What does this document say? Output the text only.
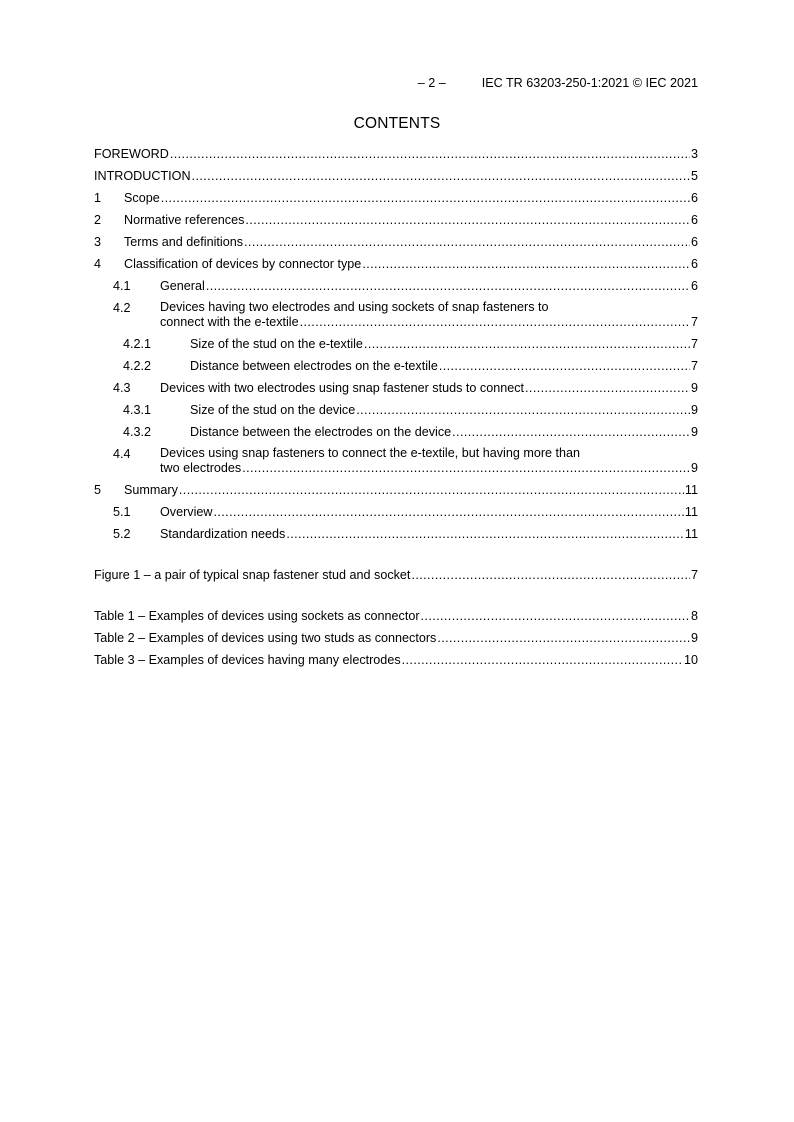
– 2 –	IEC TR 63203-250-1:2021 © IEC 2021
CONTENTS
FOREWORD .....	3
INTRODUCTION .....	5
1	Scope .....	6
2	Normative references .....	6
3	Terms and definitions .....	6
4	Classification of devices by connector type .....	6
4.1	General .....	6
4.2	Devices having two electrodes and using sockets of snap fasteners to
connect with the e-textile .....	7
4.2.1	Size of the stud on the e-textile .....	7
4.2.2	Distance between electrodes on the e-textile .....	7
4.3	Devices with two electrodes using snap fastener studs to connect .....	9
4.3.1	Size of the stud on the device .....	9
4.3.2	Distance between the electrodes on the device .....	9
4.4	Devices using snap fasteners to connect the e-textile, but having more than
two electrodes .....	9
5	Summary .....	11
5.1	Overview .....	11
5.2	Standardization needs .....	11
Figure 1 – a pair of typical snap fastener stud and socket .....	7
Table 1 – Examples of devices using sockets as connector .....	8
Table 2 – Examples of devices using two studs as connectors .....	9
Table 3 – Examples of devices having many electrodes .....	10
